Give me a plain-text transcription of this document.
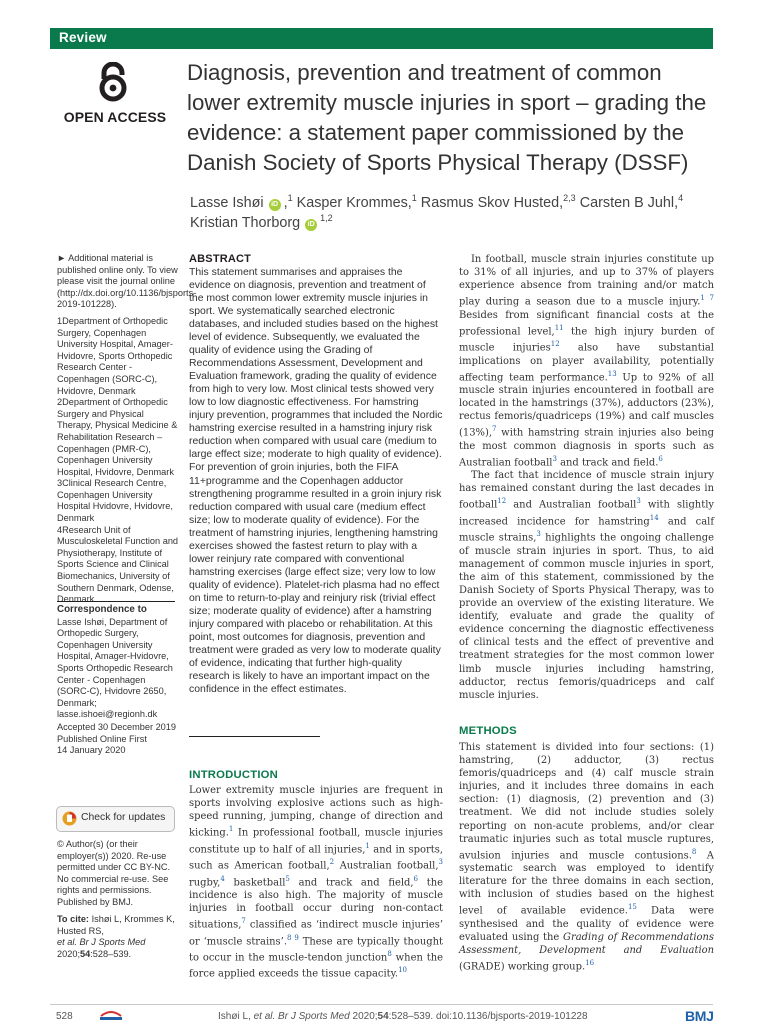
Review
OPEN ACCESS
Diagnosis, prevention and treatment of common lower extremity muscle injuries in sport – grading the evidence: a statement paper commissioned by the Danish Society of Sports Physical Therapy (DSSF)
Lasse Ishøi iD ,$^1$ Kasper Krommes,$^1$ Rasmus Skov Husted,$^{2,3}$ Carsten B Juhl,$^4$
Kristian Thorborg iD$^{1,2}$

► Additional material is published online only. To view please visit the journal online (http://dx.doi.org/10.1136/bjsports-2019-101228).

1Department of Orthopedic Surgery, Copenhagen University Hospital, Amager-Hvidovre, Sports Orthopedic Research Center - Copenhagen (SORC-C), Hvidovre, Denmark

2Department of Orthopedic Surgery and Physical Therapy, Physical Medicine & Rehabilitation Research – Copenhagen (PMR-C), Copenhagen University Hospital, Hvidovre, Denmark

3Clinical Research Centre, Copenhagen University Hospital Hvidovre, Hvidovre, Denmark

4Research Unit of Musculoskeletal Function and Physiotherapy, Institute of Sports Science and Clinical Biomechanics, University of Southern Denmark, Odense, Denmark

Correspondence to

Lasse Ishøi, Department of Orthopedic Surgery, Copenhagen University Hospital, Amager-Hvidovre, Sports Orthopedic Research Center - Copenhagen (SORC-C), Hvidovre 2650, Denmark; lasse.ishoei@regionh.dk

Accepted 30 December 2019
Published Online First
14 January 2020
Check for updates

© Author(s) (or their employer(s)) 2020. Re-use permitted under CC BY-NC. No commercial re-use. See rights and permissions. Published by BMJ.

To cite: Ishøi L, Krommes K, Husted RS,
et al. Br J Sports Med
2020;54:528–539.
ABSTRACT

This statement summarises and appraises the evidence on diagnosis, prevention and treatment of the most common lower extremity muscle injuries in sport. We systematically searched electronic databases, and included studies based on the highest level of evidence. Subsequently, we evaluated the quality of evidence using the Grading of Recommendations Assessment, Development and Evaluation framework, grading the quality of evidence from high to very low. Most clinical tests showed very low to low diagnostic effectiveness. For hamstring injury prevention, programmes that included the Nordic hamstring exercise resulted in a hamstring injury risk reduction when compared with usual care (medium to large effect size; moderate to high quality of evidence). For prevention of groin injuries, both the FIFA 11+programme and the Copenhagen adductor strengthening programme resulted in a groin injury risk reduction compared with usual care (medium effect size; low to moderate quality of evidence). For the treatment of hamstring injuries, lengthening hamstring exercises showed the fastest return to play with a lower reinjury rate compared with conventional hamstring exercises (large effect size; very low to low quality of evidence). Platelet-rich plasma had no effect on time to return-to-play and reinjury risk (trivial effect size; moderate quality of evidence) after a hamstring injury compared with placebo or rehabilitation. At this point, most outcomes for diagnosis, prevention and treatment were graded as very low to moderate quality of evidence, indicating that further high-quality research is likely to have an important impact on the confidence in the effect estimates.

INTRODUCTION

Lower extremity muscle injuries are frequent in sports involving explosive actions such as high-speed running, jumping, change of direction and kicking.$^1$ In professional football, muscle injuries constitute up to half of all injuries,$^1$ and in sports, such as American football,$^2$ Australian football,$^3$ rugby,$^4$ basketball$^5$ and track and field,$^6$ the incidence is also high. The majority of muscle injuries in football occur during non-contact situations,$^7$ classified as ‘indirect muscle injuries’ or ‘muscle strains’.$^{8 9}$ These are typically thought to occur in the muscle-tendon junction$^8$ when the force applied exceeds the tissue capacity.$^{10}$

In football, muscle strain injuries constitute up to 31% of all injuries, and up to 37% of players experience absence from training and/or match play during a season due to a muscle injury.$^{1 7}$ Besides from significant financial costs at the professional level,$^{11}$ the high injury burden of muscle injuries$^{12}$ also have substantial implications on player availability, potentially affecting team performance.$^{13}$ Up to 92% of all muscle strain injuries encountered in football are located in the hamstrings (37%), adductors (23%), rectus femoris/quadriceps (19%) and calf muscles (13%),$^7$ with hamstring strain injuries also being the most common diagnosis in sports such as Australian football$^3$ and track and field.$^6$

The fact that incidence of muscle strain injury has remained constant during the last decades in football$^{12}$ and Australian football$^3$ with slightly increased incidence for hamstring$^{14}$ and calf muscle strains,$^3$ highlights the ongoing challenge of muscle strain injuries in sport. Thus, to aid management of common muscle injuries in sport, the aim of this statement, commissioned by the Danish Society of Sports Physical Therapy, was to provide an overview of the existing literature. We identify, evaluate and grade the quality of evidence concerning the diagnostic effectiveness of clinical tests and the effect of preventive and treatment strategies for the most common lower limb muscle injuries including hamstring, adductor, rectus femoris/quadriceps and calf muscle injuries.

METHODS

This statement is divided into four sections: (1) hamstring, (2) adductor, (3) rectus femoris/quadriceps and (4) calf muscle strain injuries, and it includes three domains in each section: (1) diagnosis, (2) prevention and (3) treatment. We did not include studies solely reporting on non-acute problems, and/or clear traumatic injuries such as total muscle ruptures, avulsion injuries and muscle contusions.$^8$ A systematic search was employed to identify literature for the three domains in each section, with inclusion of studies based on the highest level of available evidence.$^{15}$ Data were synthesised and the quality of evidence were evaluated using the Grading of Recommendations Assessment, Development and Evaluation (GRADE) working group.$^{16}$

528	Ishøi L, et al. Br J Sports Med 2020;54:528–539. doi:10.1136/bjsports-2019-101228	BMJ
